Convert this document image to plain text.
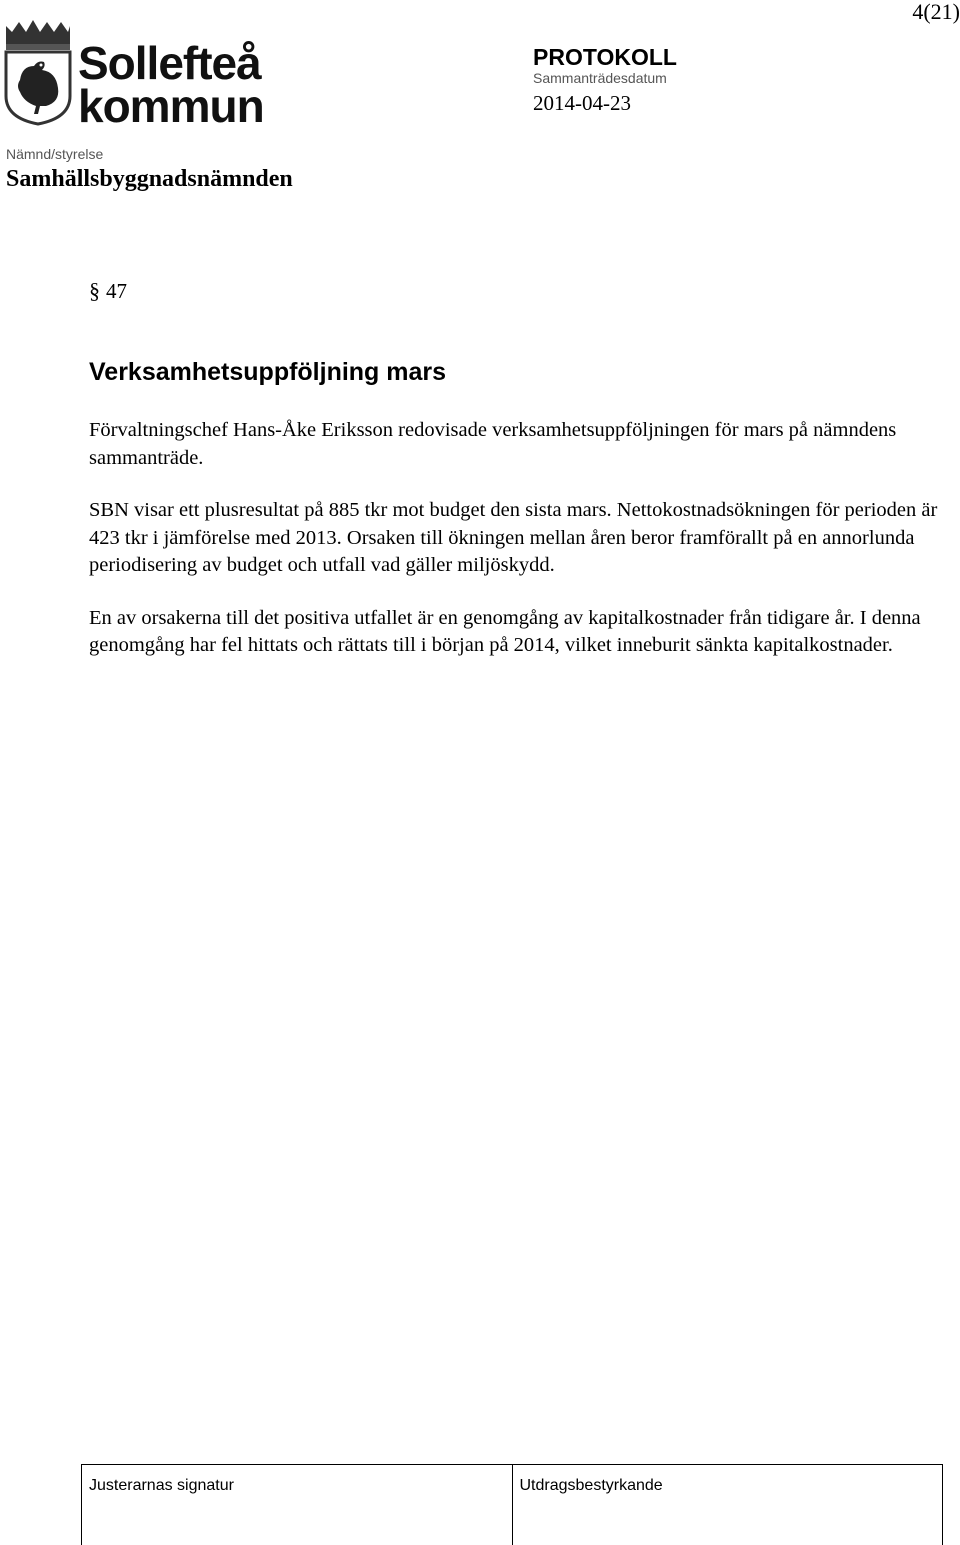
4(21)
Sollefteå
kommun
PROTOKOLL
Sammanträdesdatum
2014-04-23
Nämnd/styrelse
Samhällsbyggnadsnämnden
§ 47
Verksamhetsuppföljning mars

Förvaltningschef Hans-Åke Eriksson redovisade verksamhetsuppföljningen för mars på nämndens sammanträde.

SBN visar ett plusresultat på 885 tkr mot budget den sista mars. Nettokostnadsökningen för perioden är 423 tkr i jämförelse med 2013. Orsaken till ökningen mellan åren beror framförallt på en annorlunda periodisering av budget och utfall vad gäller miljöskydd.

En av orsakerna till det positiva utfallet är en genomgång av kapitalkostnader från tidigare år. I denna genomgång har fel hittats och rättats till i början på 2014, vilket inneburit sänkta kapitalkostnader.

Justerarnas signatur	Utdragsbestyrkande
